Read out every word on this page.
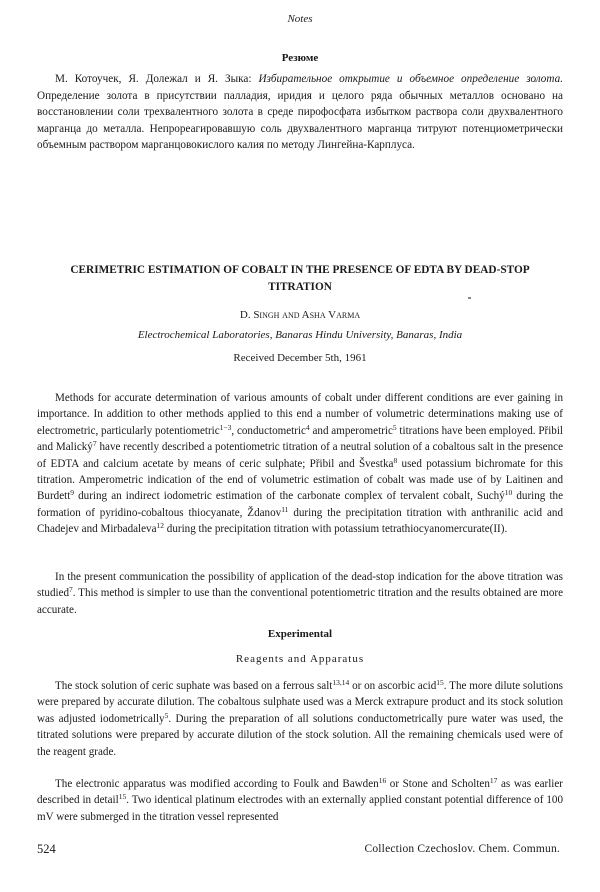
Notes
Резюме

М. Котоучек, Я. Долежал и Я. Зыка: Избирательное открытие и объемное определение золота. Определение золота в присутствии палладия, иридия и целого ряда обычных металлов основано на восстановлении соли трехвалентного золота в среде пирофосфата избытком раствора соли двухвалентного марганца до металла. Непрореагировавшую соль двухвалентного марганца титруют потенциометрически объемным раствором марганцовокислого калия по методу Лингейна-Карплуса.

CERIMETRIC ESTIMATION OF COBALT IN THE PRESENCE OF EDTA BY DEAD-STOP TITRATION

D. Singh and Asha Varma
Electrochemical Laboratories, Banaras Hindu University, Banaras, India
Received December 5th, 1961

Methods for accurate determination of various amounts of cobalt under different conditions are ever gaining in importance. In addition to other methods applied to this end a number of volumetric determinations making use of electrometric, particularly potentiometric$^{1-3}$, conductometric$^4$ and amperometric$^5$ titrations have been employed. Přibil and Malický$^7$ have recently described a potentiometric titration of a neutral solution of a cobaltous salt in the presence of EDTA and calcium acetate by means of ceric sulphate; Přibil and Švestka$^8$ used potassium bichromate for this titration. Amperometric indication of the end of volumetric estimation of cobalt was made use of by Laitinen and Burdett$^9$ during an indirect iodometric estimation of the carbonate complex of tervalent cobalt, Suchý$^{10}$ during the formation of pyridino-cobaltous thiocyanate, Ždanov$^{11}$ during the precipitation titration with anthranilic acid and Chadejev and Mirbadaleva$^{12}$ during the precipitation titration with potassium tetrathiocyanomercurate(II).

In the present communication the possibility of application of the dead-stop indication for the above titration was studied$^7$. This method is simpler to use than the conventional potentiometric titration and the results obtained are more accurate.

Experimental
Reagents and Apparatus

The stock solution of ceric suphate was based on a ferrous salt$^{13,14}$ or on ascorbic acid$^{15}$. The more dilute solutions were prepared by accurate dilution. The cobaltous sulphate used was a Merck extrapure product and its stock solution was adjusted iodometrically$^5$. During the preparation of all solutions conductometrically pure water was used, the titrated solutions were prepared by accurate dilution of the stock solution. All the remaining chemicals used were of the reagent grade.

The electronic apparatus was modified according to Foulk and Bawden$^{16}$ or Stone and Scholten$^{17}$ as was earlier described in detail$^{15}$. Two identical platinum electrodes with an externally applied constant potential difference of 100 mV were submerged in the titration vessel represented

524	Collection Czechoslov. Chem. Commun.
